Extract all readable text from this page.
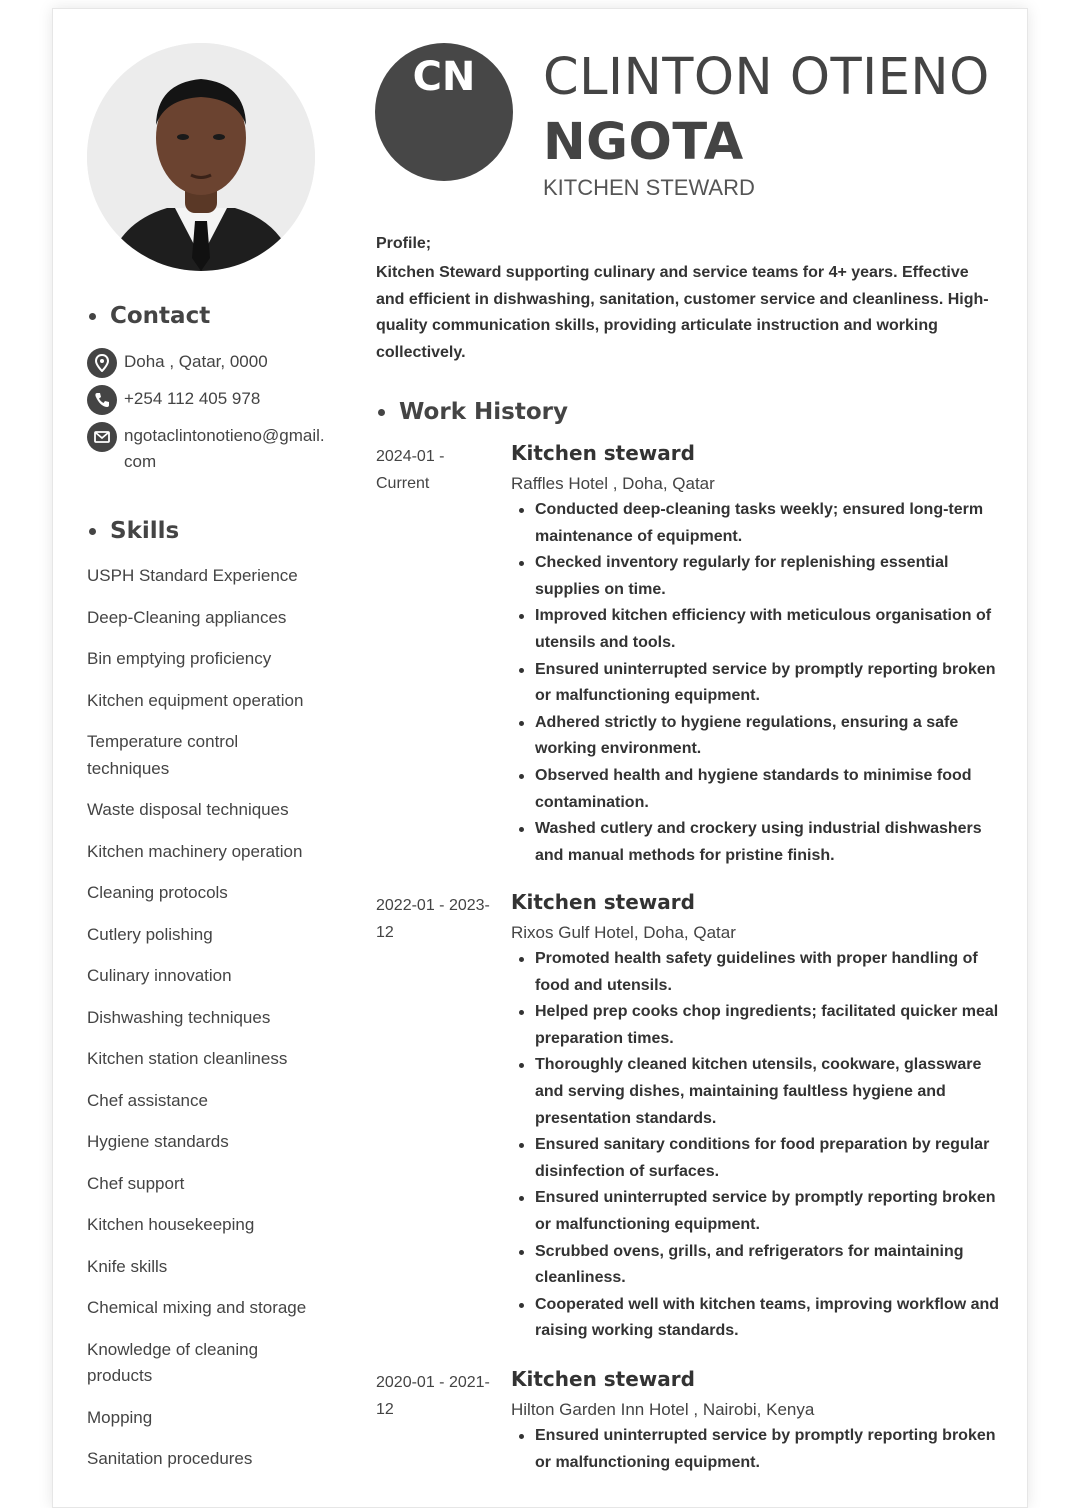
Contact
Doha , Qatar, 0000
+254 112 405 978
ngotaclintonotieno@gmail.com
Skills
USPH Standard Experience
Deep-Cleaning appliances
Bin emptying proficiency
Kitchen equipment operation
Temperature control techniques
Waste disposal techniques
Kitchen machinery operation
Cleaning protocols
Cutlery polishing
Culinary innovation
Dishwashing techniques
Kitchen station cleanliness
Chef assistance
Hygiene standards
Chef support
Kitchen housekeeping
Knife skills
Chemical mixing and storage
Knowledge of cleaning products
Mopping
Sanitation procedures
CN	CLINTON OTIENO
NGOTA
KITCHEN STEWARD
Profile;
Kitchen Steward supporting culinary and service teams for 4+ years. Effective and efficient in dishwashing, sanitation, customer service and cleanliness. High-quality communication skills, providing articulate instruction and working collectively.
Work History
2024-01 - Current
Kitchen steward
Raffles Hotel , Doha, Qatar
Conducted deep-cleaning tasks weekly; ensured long-term maintenance of equipment.
Checked inventory regularly for replenishing essential supplies on time.
Improved kitchen efficiency with meticulous organisation of utensils and tools.
Ensured uninterrupted service by promptly reporting broken or malfunctioning equipment.
Adhered strictly to hygiene regulations, ensuring a safe working environment.
Observed health and hygiene standards to minimise food contamination.
Washed cutlery and crockery using industrial dishwashers and manual methods for pristine finish.
2022-01 - 2023-12
Kitchen steward
Rixos Gulf Hotel, Doha, Qatar
Promoted health safety guidelines with proper handling of food and utensils.
Helped prep cooks chop ingredients; facilitated quicker meal preparation times.
Thoroughly cleaned kitchen utensils, cookware, glassware and serving dishes, maintaining faultless hygiene and presentation standards.
Ensured sanitary conditions for food preparation by regular disinfection of surfaces.
Ensured uninterrupted service by promptly reporting broken or malfunctioning equipment.
Scrubbed ovens, grills, and refrigerators for maintaining cleanliness.
Cooperated well with kitchen teams, improving workflow and raising working standards.
2020-01 - 2021-12
Kitchen steward
Hilton Garden Inn Hotel , Nairobi, Kenya
Ensured uninterrupted service by promptly reporting broken or malfunctioning equipment.
